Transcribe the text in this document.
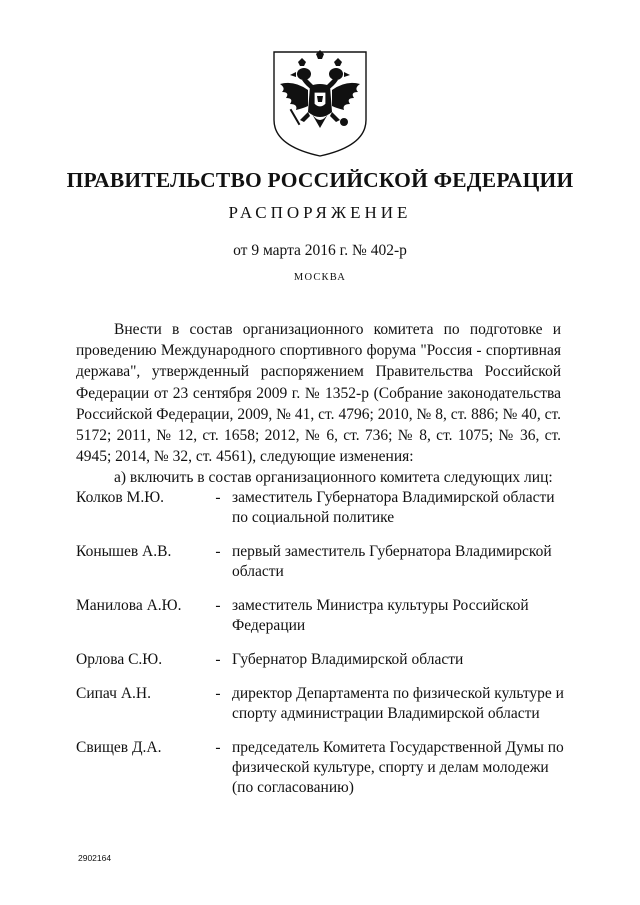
ПРАВИТЕЛЬСТВО РОССИЙСКОЙ ФЕДЕРАЦИИ
РАСПОРЯЖЕНИЕ
от 9 марта 2016 г. № 402-р
МОСКВА

Внести в состав организационного комитета по подготовке и проведению Международного спортивного форума "Россия - спортивная держава", утвержденный распоряжением Правительства Российской Федерации от 23 сентября 2009 г. № 1352-р (Собрание законодательства Российской Федерации, 2009, № 41, ст. 4796; 2010, № 8, ст. 886; № 40, ст. 5172; 2011, № 12, ст. 1658; 2012, № 6, ст. 736; № 8, ст. 1075; № 36, ст. 4945; 2014, № 32, ст. 4561), следующие изменения:

а) включить в состав организационного комитета следующих лиц:

Колков М.Ю.	- заместитель Губернатора Владимирской области по социальной политике
Конышев А.В.	- первый заместитель Губернатора Владимирской области
Манилова А.Ю.	- заместитель Министра культуры Российской Федерации
Орлова С.Ю.	- Губернатор Владимирской области
Сипач А.Н.	- директор Департамента по физической культуре и спорту администрации Владимирской области
Свищев Д.А.	- председатель Комитета Государственной Думы по физической культуре, спорту и делам молодежи (по согласованию)
2902164
